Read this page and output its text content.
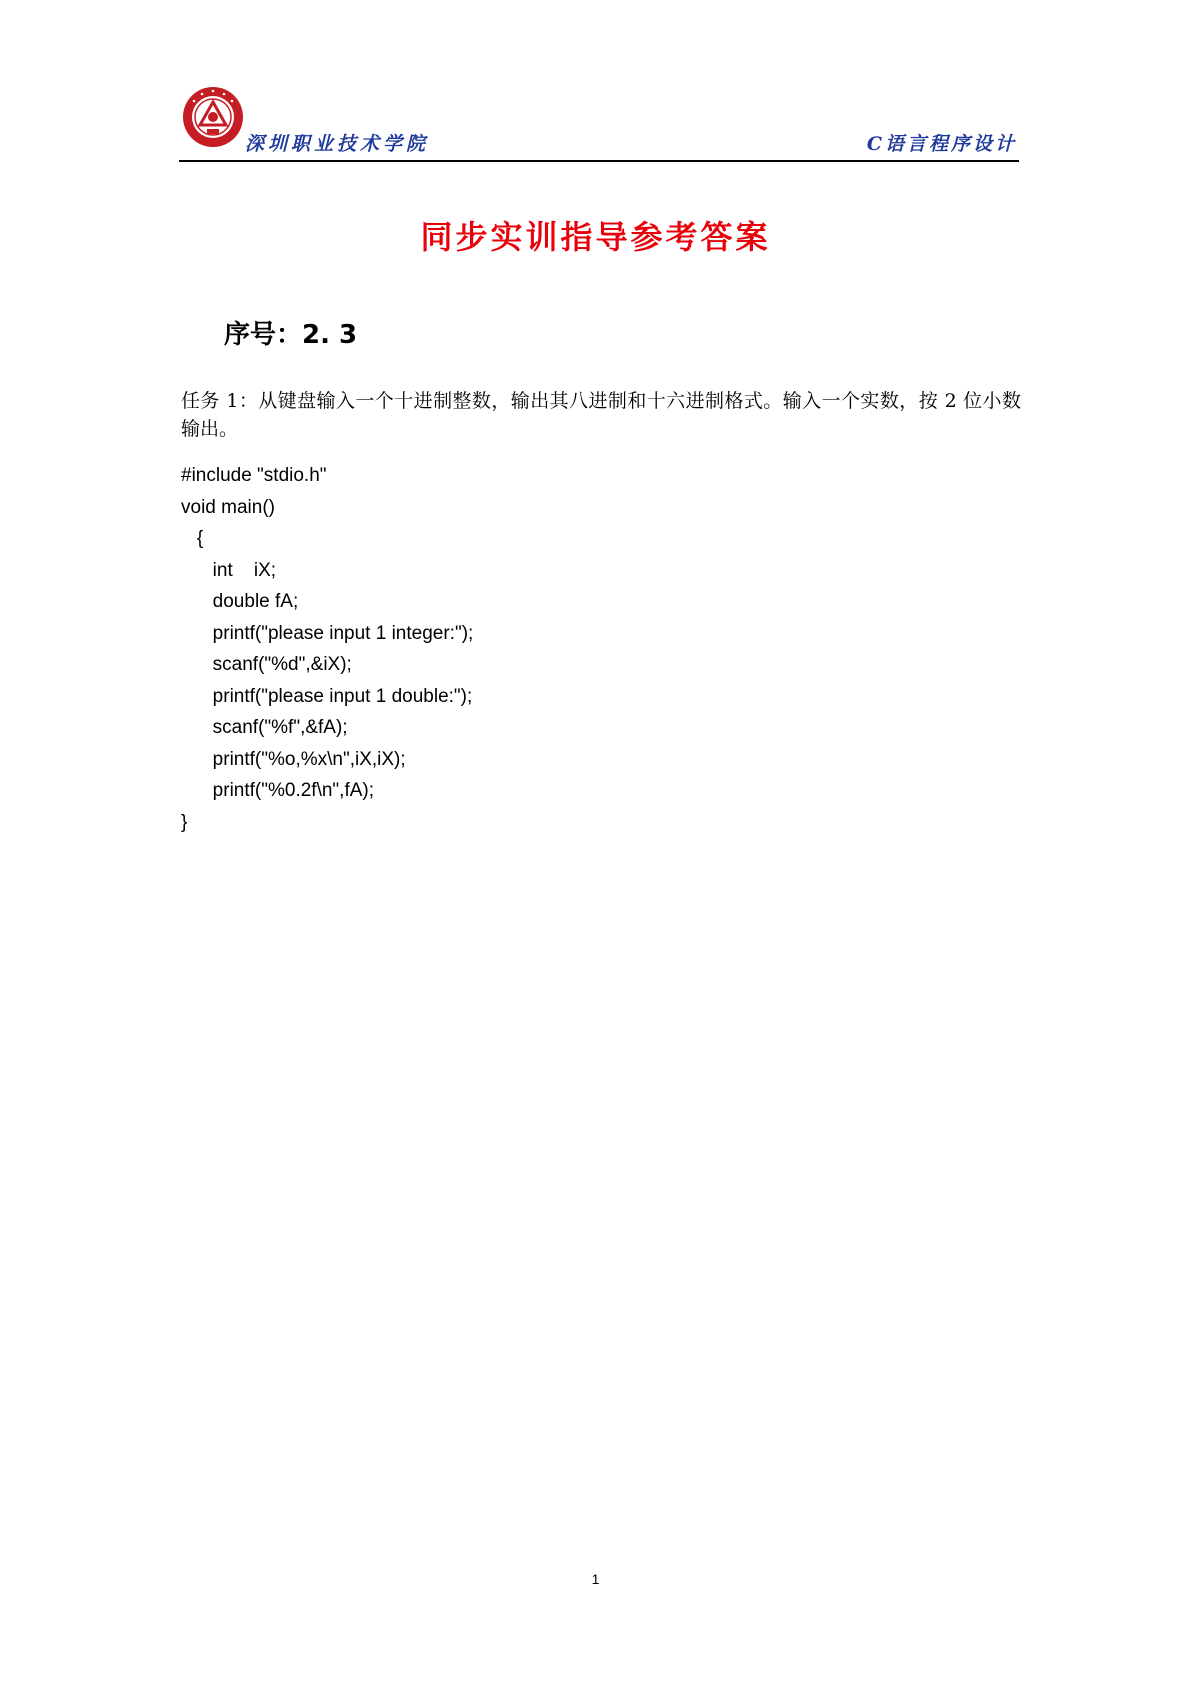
深圳职业技术学院	C语言程序设计
同步实训指导参考答案
序号：2. 3
任务 1：从键盘输入一个十进制整数，输出其八进制和十六进制格式。输入一个实数，按 2 位小数输出。
#include "stdio.h"
void main()
{
int    iX;
double fA;
printf("please input 1 integer:");
scanf("%d",&iX);
printf("please input 1 double:");
scanf("%f",&fA);
printf("%o,%x\n",iX,iX);
printf("%0.2f\n",fA);
}
1
